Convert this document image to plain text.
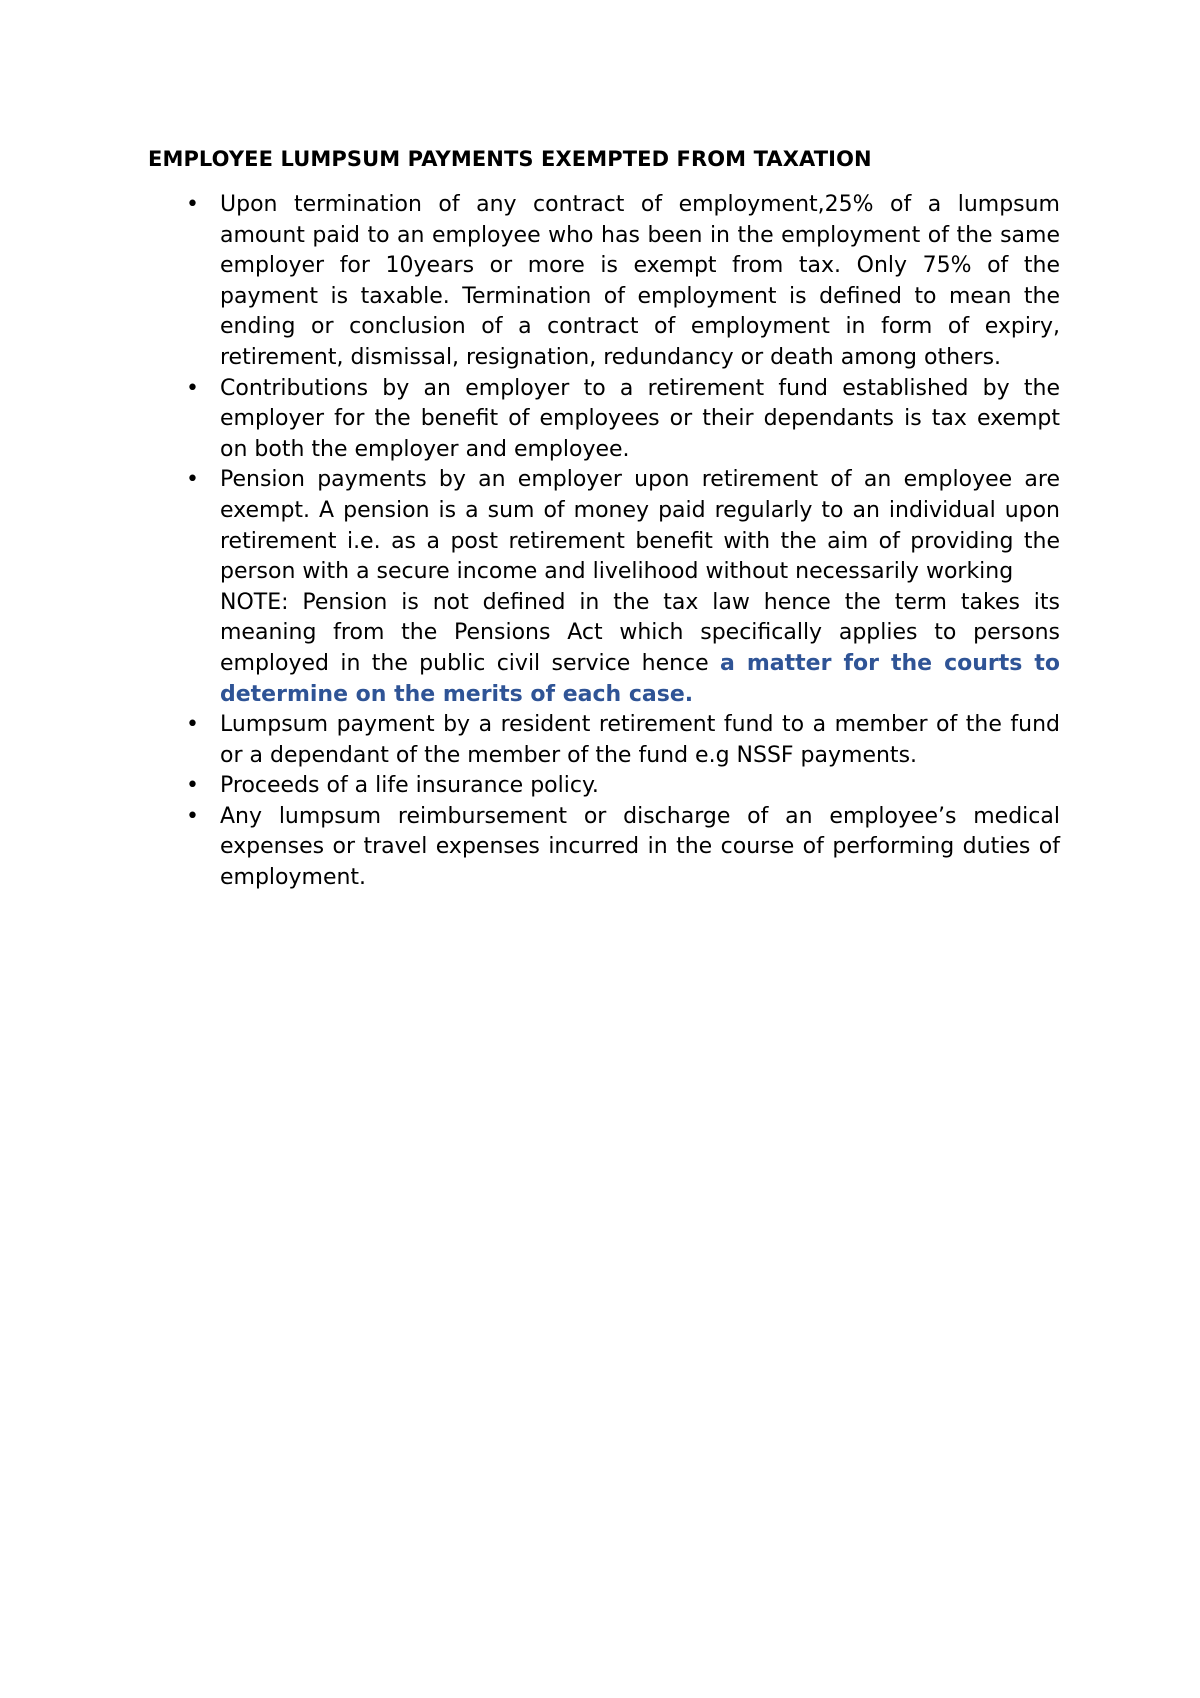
EMPLOYEE LUMPSUM PAYMENTS EXEMPTED FROM TAXATION
• Upon termination of any contract of employment,25% of a lumpsum amount paid to an employee who has been in the employment of the same employer for 10years or more is exempt from tax. Only 75% of the payment is taxable. Termination of employment is defined to mean the ending or conclusion of a contract of employment in form of expiry, retirement, dismissal, resignation, redundancy or death among others.
• Contributions by an employer to a retirement fund established by the employer for the benefit of employees or their dependants is tax exempt on both the employer and employee.
• Pension payments by an employer upon retirement of an employee are exempt. A pension is a sum of money paid regularly to an individual upon retirement i.e. as a post retirement benefit with the aim of providing the person with a secure income and livelihood without necessarily working
NOTE: Pension is not defined in the tax law hence the term takes its meaning from the Pensions Act which specifically applies to persons employed in the public civil service hence a matter for the courts to determine on the merits of each case.
• Lumpsum payment by a resident retirement fund to a member of the fund or a dependant of the member of the fund e.g NSSF payments.
• Proceeds of a life insurance policy.
• Any lumpsum reimbursement or discharge of an employee’s medical expenses or travel expenses incurred in the course of performing duties of employment.
